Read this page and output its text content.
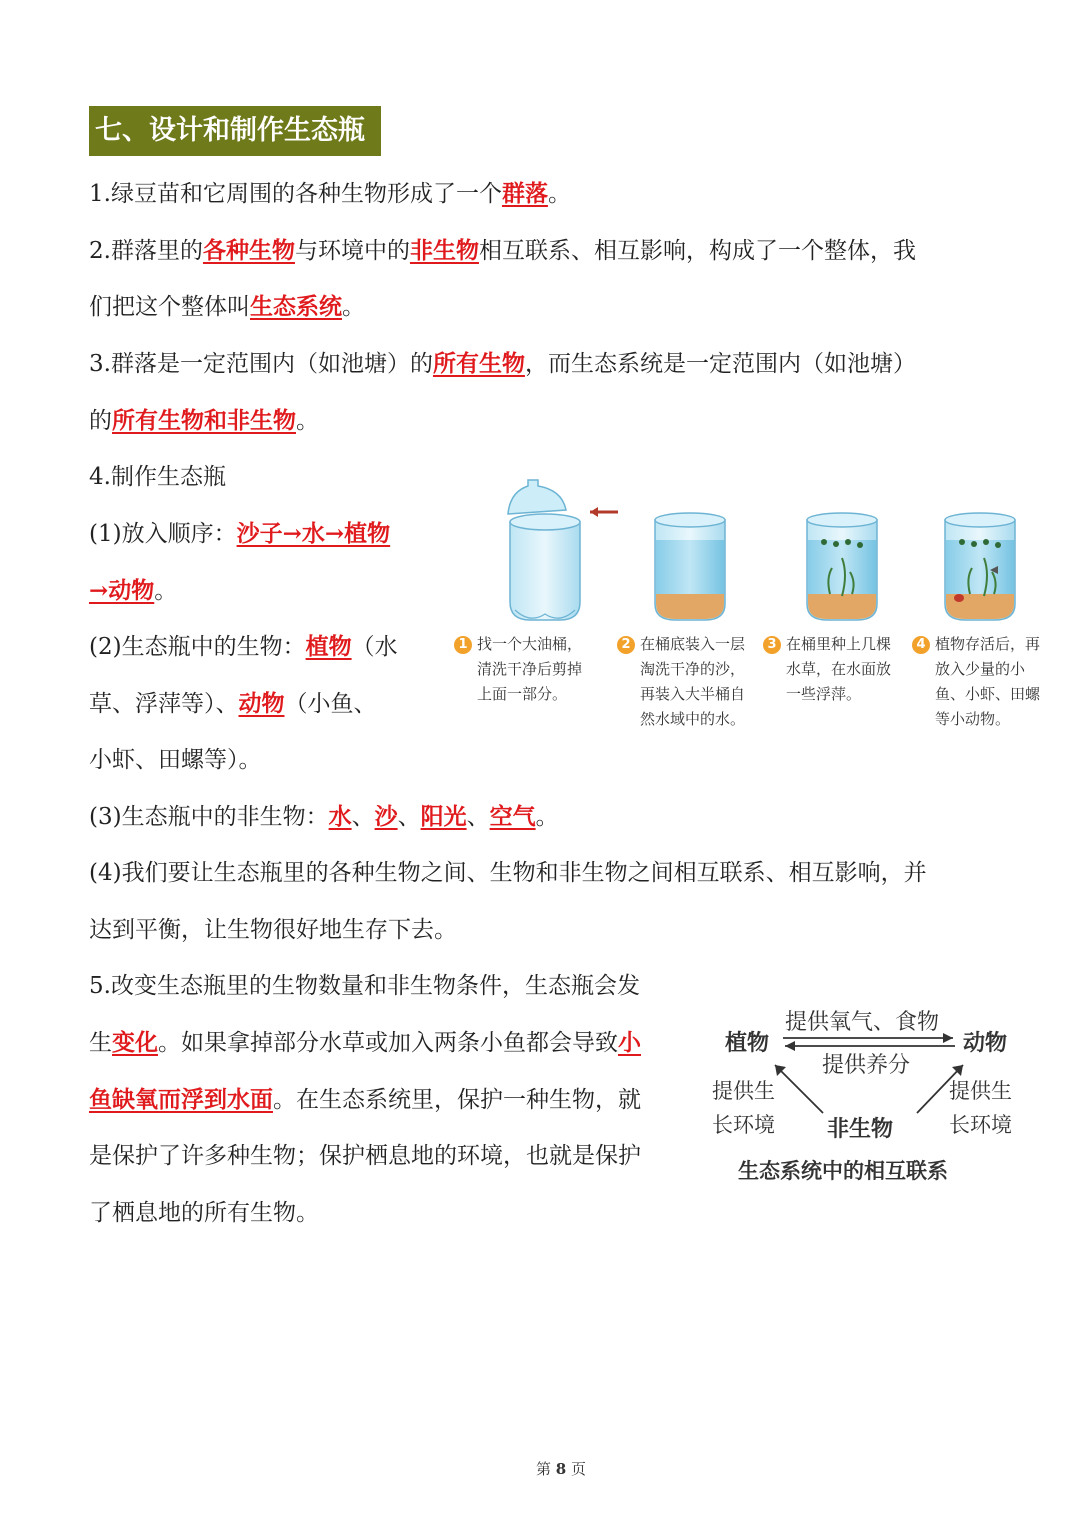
七、设计和制作生态瓶
1.绿豆苗和它周围的各种生物形成了一个群落。
2.群落里的各种生物与环境中的非生物相互联系、相互影响，构成了一个整体，我
们把这个整体叫生态系统。
3.群落是一定范围内（如池塘）的所有生物，而生态系统是一定范围内（如池塘）
的所有生物和非生物。
4.制作生态瓶
(1)放入顺序：沙子→水→植物
→动物。
(2)生态瓶中的生物：植物（水
草、浮萍等）、动物（小鱼、
小虾、田螺等）。
(3)生态瓶中的非生物：水、沙、阳光、空气。
(4)我们要让生态瓶里的各种生物之间、生物和非生物之间相互联系、相互影响，并
达到平衡，让生物很好地生存下去。
1 找一个大油桶，
清洗干净后剪掉
上面一部分。
2 在桶底装入一层
淘洗干净的沙，
再装入大半桶自
然水域中的水。
3 在桶里种上几棵
水草，在水面放
一些浮萍。
4 植物存活后，再
放入少量的小
鱼、小虾、田螺
等小动物。
5.改变生态瓶里的生物数量和非生物条件，生态瓶会发
生变化。如果拿掉部分水草或加入两条小鱼都会导致小
鱼缺氧而浮到水面。在生态系统里，保护一种生物，就
是保护了许多种生物；保护栖息地的环境，也就是保护
了栖息地的所有生物。
植物	动物
非生物
提供氧气、食物
提供养分
提供生
长环境
提供生
长环境
生态系统中的相互联系
第 8 页
